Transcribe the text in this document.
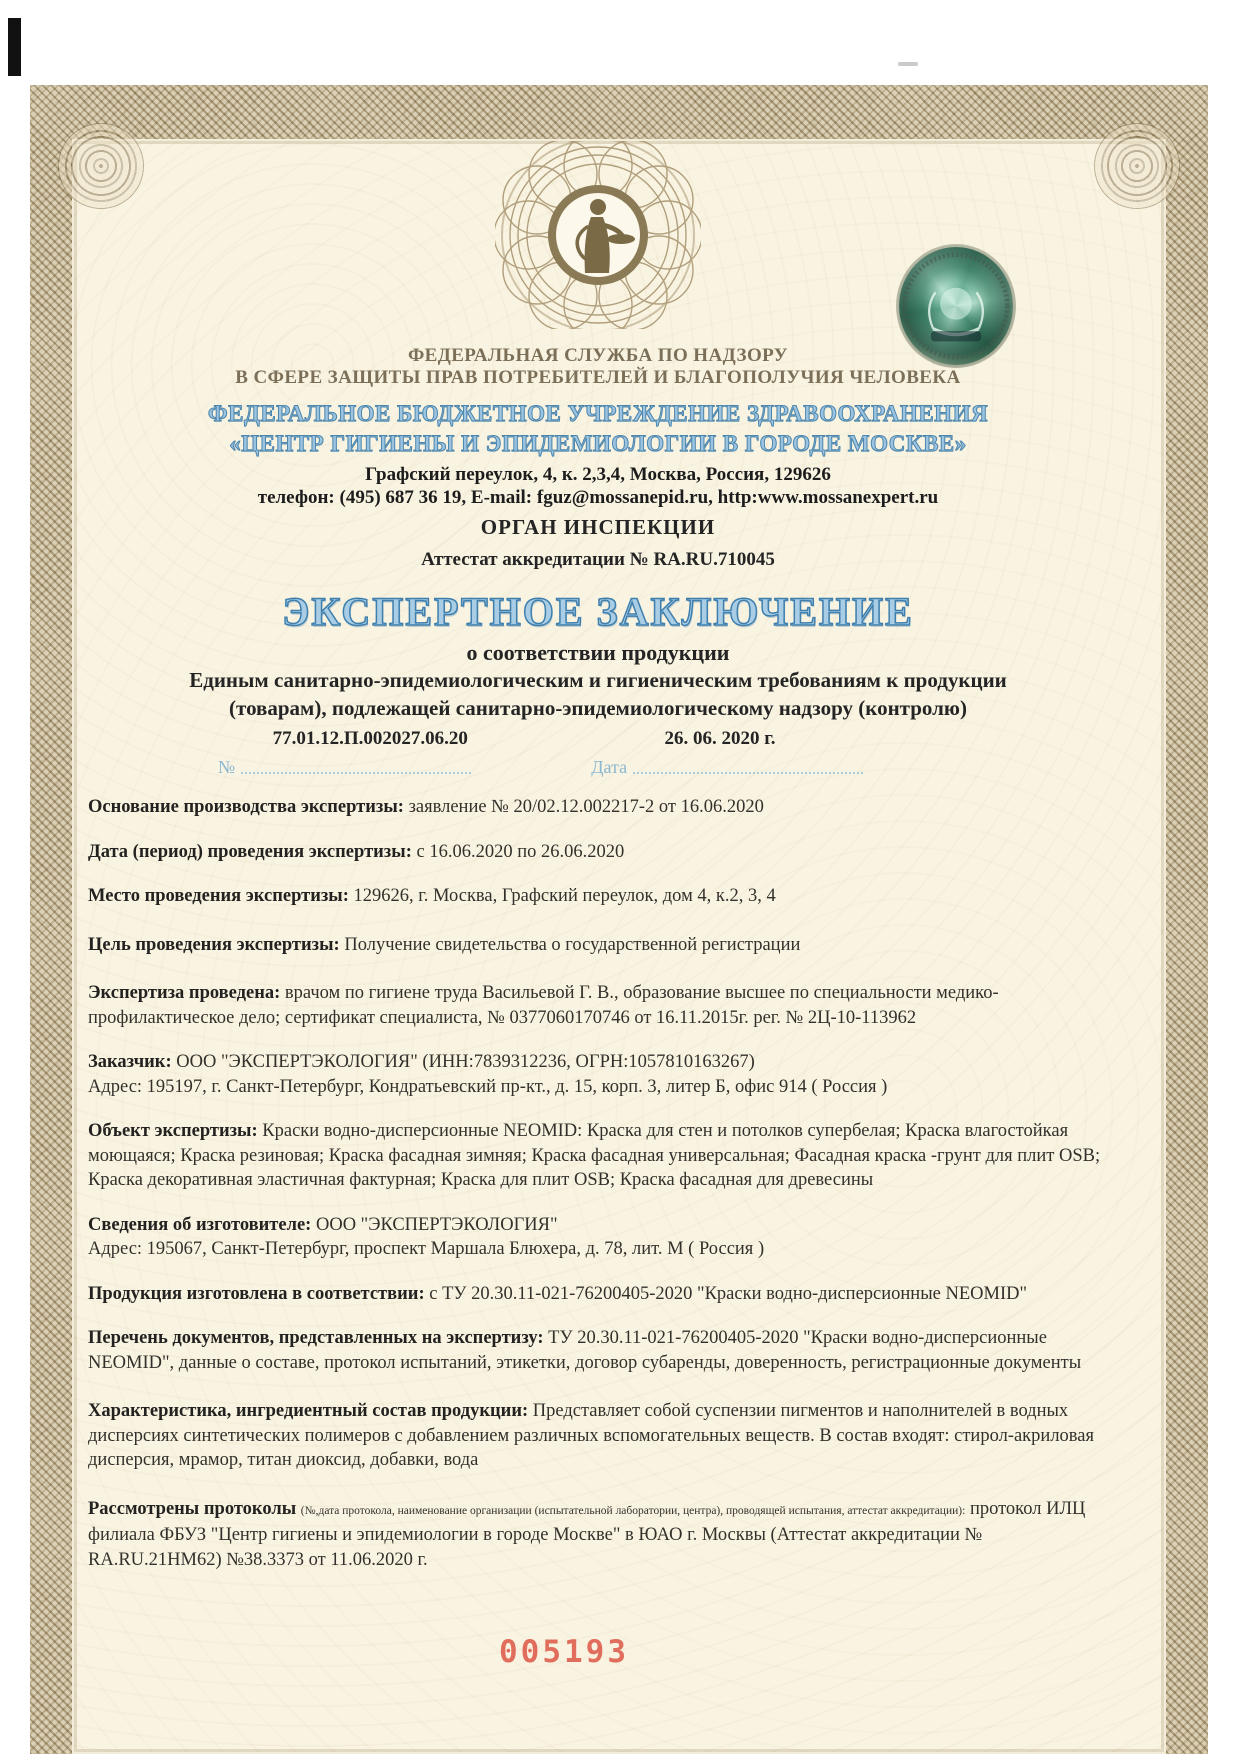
ФЕДЕРАЛЬНАЯ СЛУЖБА ПО НАДЗОРУ
В СФЕРЕ ЗАЩИТЫ ПРАВ ПОТРЕБИТЕЛЕЙ И БЛАГОПОЛУЧИЯ ЧЕЛОВЕКА
ФЕДЕРАЛЬНОЕ БЮДЖЕТНОЕ УЧРЕЖДЕНИЕ ЗДРАВООХРАНЕНИЯ
«ЦЕНТР ГИГИЕНЫ И ЭПИДЕМИОЛОГИИ В ГОРОДЕ МОСКВЕ»
Графский переулок, 4, к. 2,3,4, Москва, Россия, 129626
телефон: (495) 687 36 19, E-mail: fguz@mossanepid.ru, http:www.mossanexpert.ru
ОРГАН ИНСПЕКЦИИ
Аттестат аккредитации № RA.RU.710045
ЭКСПЕРТНОЕ ЗАКЛЮЧЕНИЕ
о соответствии продукции
Единым санитарно-эпидемиологическим и гигиеническим требованиям к продукции
(товарам), подлежащей санитарно-эпидемиологическому надзору (контролю)
77.01.12.П.002027.06.20	26. 06. 2020 г.
№	Дата

Основание производства экспертизы: заявление № 20/02.12.002217-2 от 16.06.2020

Дата (период) проведения экспертизы: с 16.06.2020 по 26.06.2020

Место проведения экспертизы: 129626, г. Москва, Графский переулок, дом 4, к.2, 3, 4

Цель проведения экспертизы: Получение свидетельства о государственной регистрации

Экспертиза проведена: врачом по гигиене труда Васильевой Г. В., образование высшее по специальности медико-профилактическое дело; сертификат специалиста, № 0377060170746 от 16.11.2015г. рег. № 2Ц-10-113962

Заказчик: ООО "ЭКСПЕРТЭКОЛОГИЯ" (ИНН:7839312236, ОГРН:1057810163267)
Адрес: 195197, г. Санкт-Петербург, Кондратьевский пр-кт., д. 15, корп. 3, литер Б, офис 914 ( Россия )

Объект экспертизы: Краски водно-дисперсионные NEOMID: Краска для стен и потолков супербелая; Краска влагостойкая моющаяся; Краска резиновая; Краска фасадная зимняя; Краска фасадная универсальная; Фасадная краска -грунт для плит OSB; Краска декоративная эластичная фактурная; Краска для плит OSB; Краска фасадная для древесины

Сведения об изготовителе: ООО "ЭКСПЕРТЭКОЛОГИЯ"
Адрес: 195067, Санкт-Петербург, проспект Маршала Блюхера, д. 78, лит. М ( Россия )

Продукция изготовлена в соответствии: с ТУ 20.30.11-021-76200405-2020 "Краски водно-дисперсионные NEOMID"

Перечень документов, представленных на экспертизу: ТУ 20.30.11-021-76200405-2020 "Краски водно-дисперсионные NEOMID", данные о составе, протокол испытаний, этикетки, договор субаренды, доверенность, регистрационные документы

Характеристика, ингредиентный состав продукции: Представляет собой суспензии пигментов и наполнителей в водных дисперсиях синтетических полимеров с добавлением различных вспомогательных веществ. В состав входят: стирол-акриловая дисперсия, мрамор, титан диоксид, добавки, вода

Рассмотрены протоколы (№,дата протокола, наименование организации (испытательной лаборатории, центра), проводящей испытания, аттестат аккредитации): протокол ИЛЦ филиала ФБУЗ "Центр гигиены и эпидемиологии в городе Москве" в ЮАО г. Москвы (Аттестат аккредитации № RA.RU.21НМ62) №38.3373 от 11.06.2020 г.

005193
